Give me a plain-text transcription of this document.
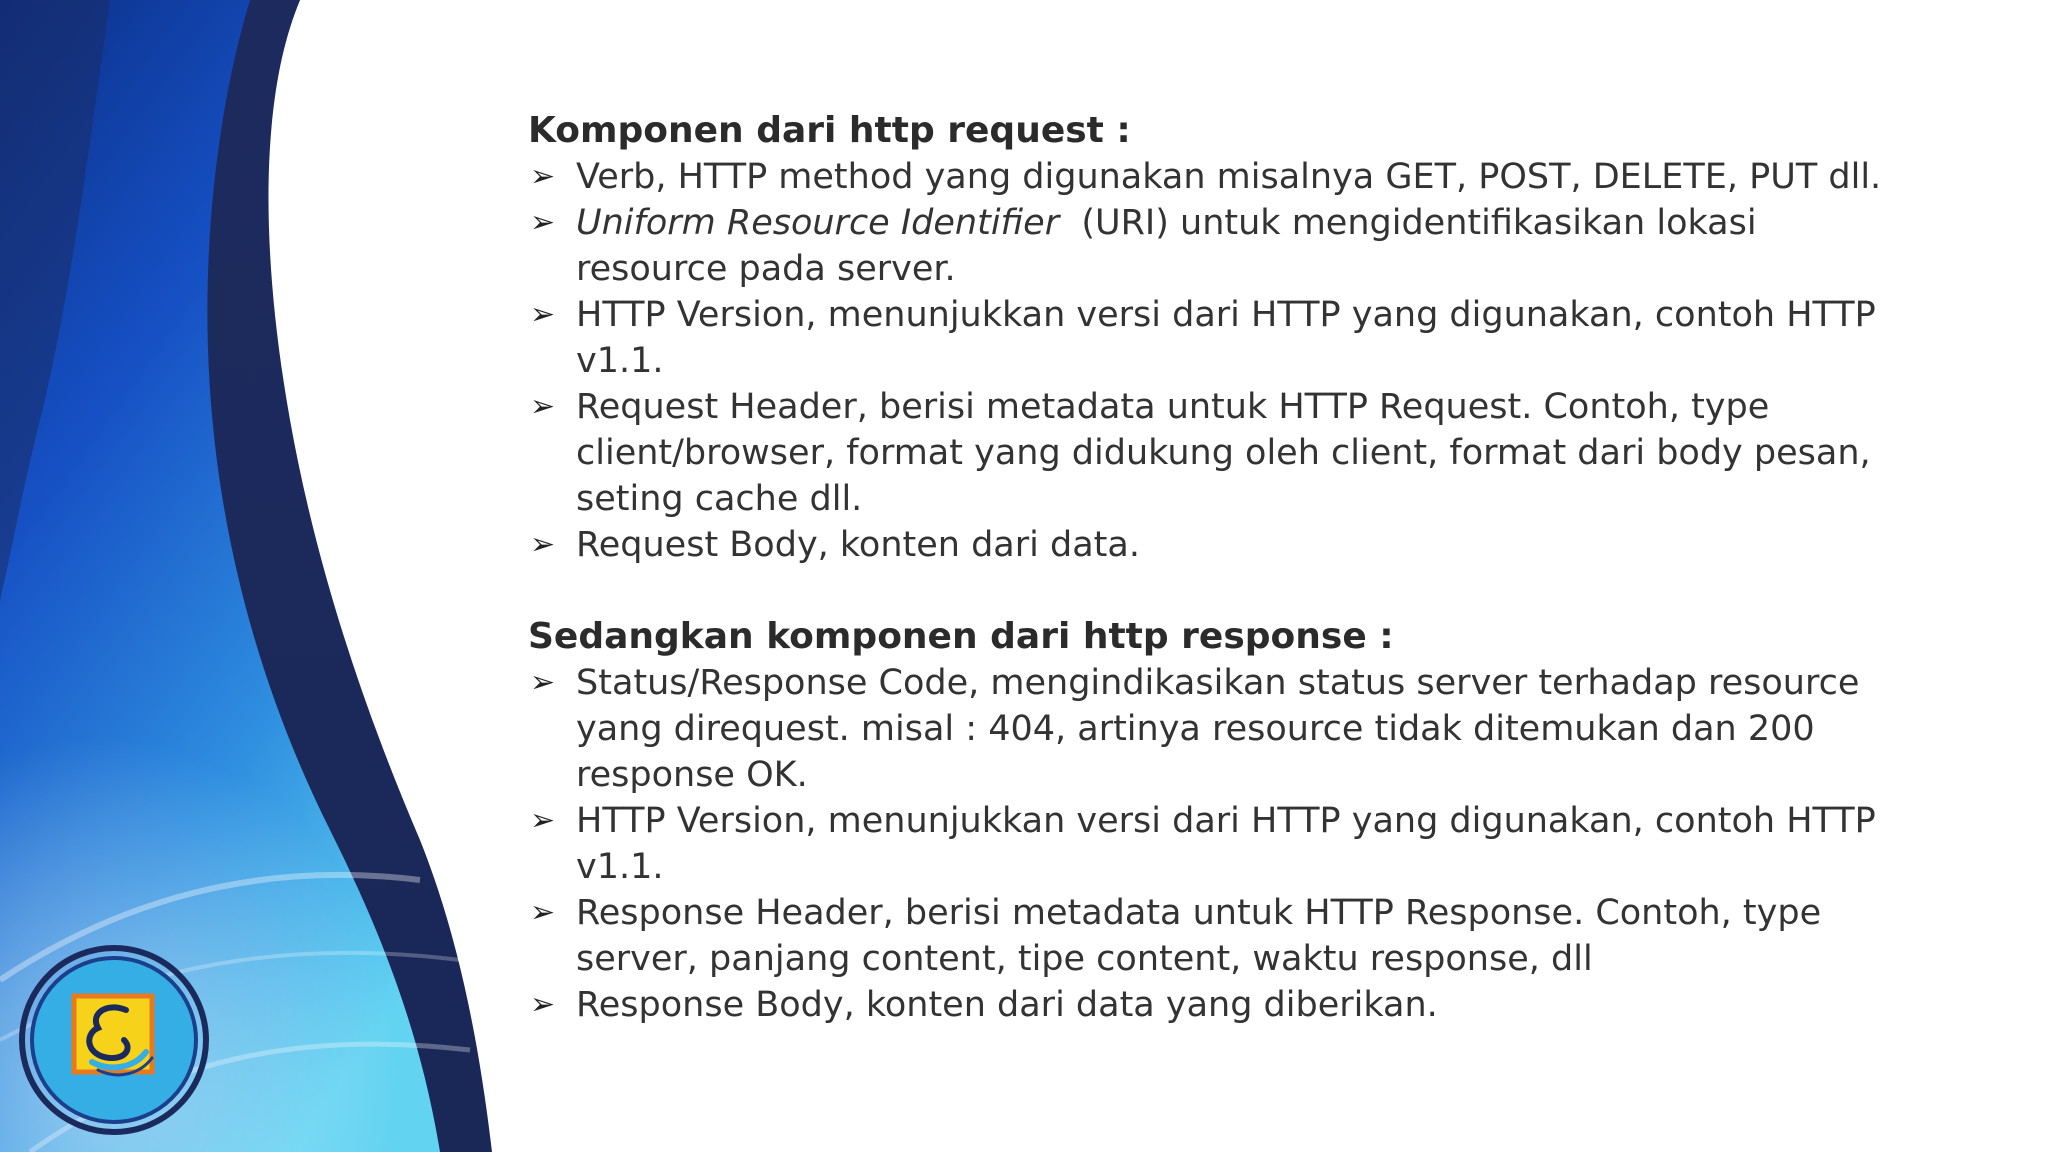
Komponen dari http request :
➢ Verb, HTTP method yang digunakan misalnya GET, POST, DELETE, PUT dll.
➢ Uniform Resource Identifier  (URI) untuk mengidentifikasikan lokasi resource pada server.
➢ HTTP Version, menunjukkan versi dari HTTP yang digunakan, contoh HTTP v1.1.
➢ Request Header, berisi metadata untuk HTTP Request. Contoh, type client/browser, format yang didukung oleh client, format dari body pesan, seting cache dll.
➢ Request Body, konten dari data.
Sedangkan komponen dari http response :
➢ Status/Response Code, mengindikasikan status server terhadap resource yang direquest. misal : 404, artinya resource tidak ditemukan dan 200 response OK.
➢ HTTP Version, menunjukkan versi dari HTTP yang digunakan, contoh HTTP v1.1.
➢ Response Header, berisi metadata untuk HTTP Response. Contoh, type server, panjang content, tipe content, waktu response, dll
➢ Response Body, konten dari data yang diberikan.
